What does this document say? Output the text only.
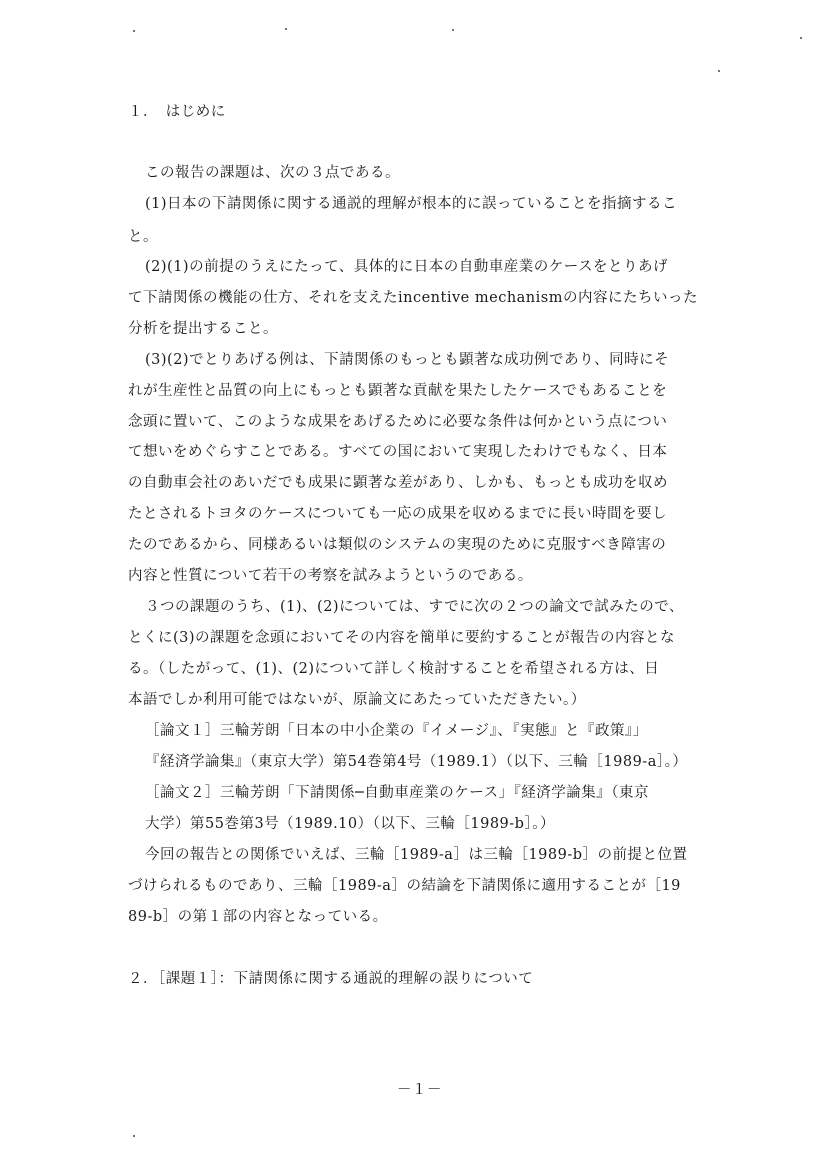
１．　はじめに
この報告の課題は、次の３点である。
(1)日本の下請関係に関する通説的理解が根本的に誤っていることを指摘するこ
と。
(2)(1)の前提のうえにたって、具体的に日本の自動車産業のケースをとりあげ
て下請関係の機能の仕方、それを支えたincentive mechanismの内容にたちいった
分析を提出すること。
(3)(2)でとりあげる例は、下請関係のもっとも顕著な成功例であり、同時にそ
れが生産性と品質の向上にもっとも顕著な貢献を果たしたケースでもあることを
念頭に置いて、このような成果をあげるために必要な条件は何かという点につい
て想いをめぐらすことである。すべての国において実現したわけでもなく、日本
の自動車会社のあいだでも成果に顕著な差があり、しかも、もっとも成功を収め
たとされるトヨタのケースについても一応の成果を収めるまでに長い時間を要し
たのであるから、同様あるいは類似のシステムの実現のために克服すべき障害の
内容と性質について若干の考察を試みようというのである。
３つの課題のうち、(1)、(2)については、すでに次の２つの論文で試みたので、
とくに(3)の課題を念頭においてその内容を簡単に要約することが報告の内容とな
る。（したがって、(1)、(2)について詳しく検討することを希望される方は、日
本語でしか利用可能ではないが、原論文にあたっていただきたい。）
［論文１］三輪芳朗「日本の中小企業の『イメージ』、『実態』と『政策』」
『経済学論集』（東京大学）第54巻第4号（1989.1）（以下、三輪［1989-a］。）
［論文２］三輪芳朗「下請関係─自動車産業のケース」『経済学論集』（東京
大学）第55巻第3号（1989.10）（以下、三輪［1989-b］。）
今回の報告との関係でいえば、三輪［1989-a］は三輪［1989-b］の前提と位置
づけられるものであり、三輪［1989-a］の結論を下請関係に適用することが［19
89-b］の第１部の内容となっている。
２．［課題１］：下請関係に関する通説的理解の誤りについて
－１－
